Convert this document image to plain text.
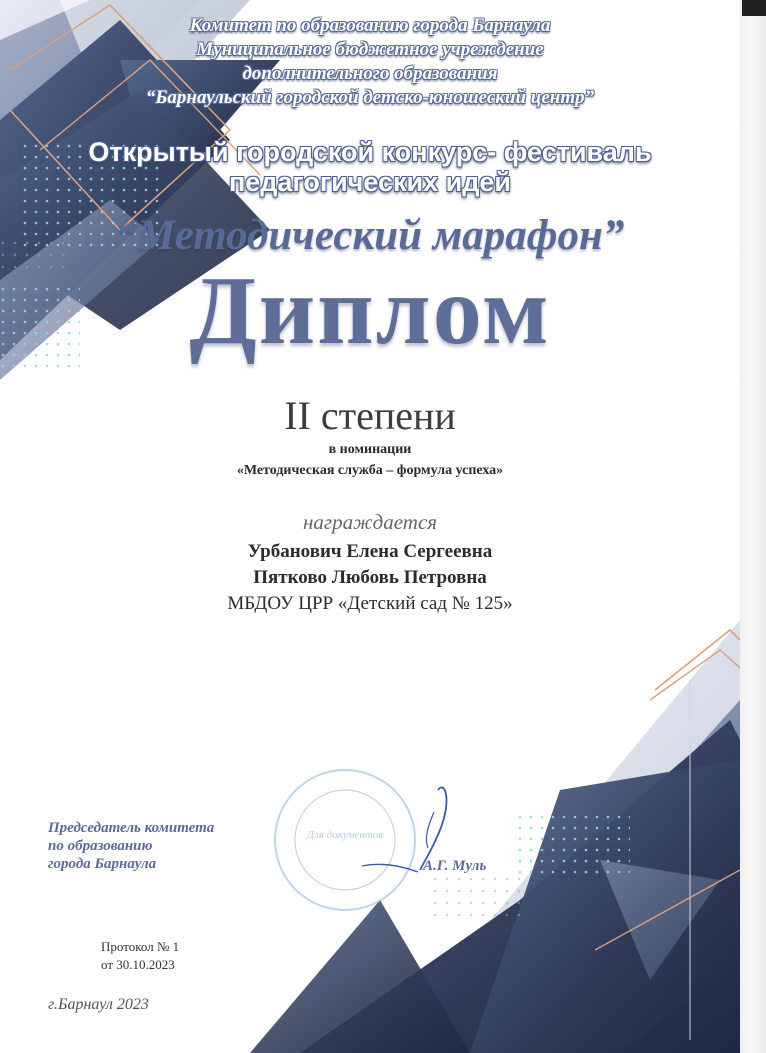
Для документов

Комитет по образованию города Барнаула

Муниципальное бюджетное учреждение

дополнительного образования

“Барнаульский городской детско-юношеский центр”

Открытый городской конкурс- фестиваль

педагогических идей

“Методический марафон”

Диплом

II степени

в номинации

«Методическая служба – формула успеха»

награждается

Урбанович Елена Сергеевна

Пятково Любовь Петровна

МБДОУ ЦРР «Детский сад № 125»

Председатель комитета
по образованию
города Барнаула	А.Г. Муль

Протокол № 1
от 30.10.2023

г.Барнаул 2023
